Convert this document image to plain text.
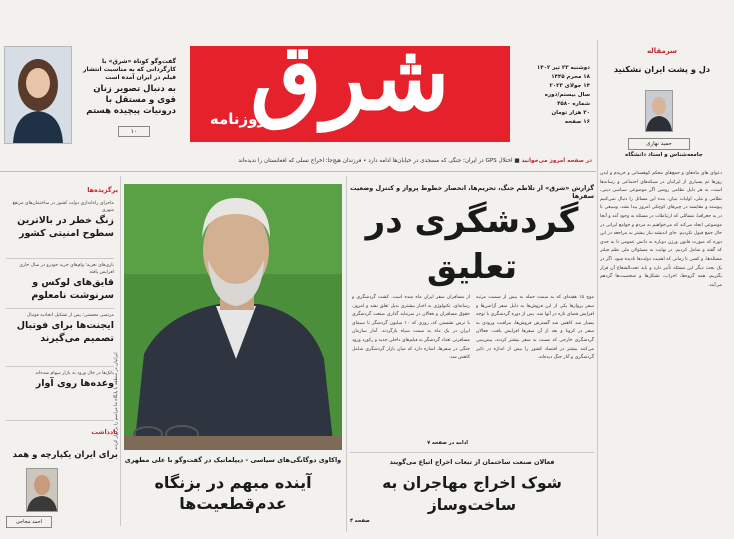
گفت‌وگو کوتاه «شرق» با کارگردانی که به مناسبت انتشار فیلم در ایران آمده است
به دنبال تصویر زنان قوی و مستقل با درونیات پیچیده هستم
۱۰
شرق
روزنامه
دوشنبه ۲۳ تیر ۱۴۰۲
۱۸ محرم ۱۴۴۵
۱۴ جولای ۲۰۲۳
سال بیستم/دوره
شماره ۴۵۸۰
۳۰ هزار تومان
۱۶ صفحه
سرمقاله
دل و پشت ایران نشکنید
حمید نهاری
جامعه‌شناس و استاد دانشگاه
دعوای های ماه‌های و جمع‌های محکم کوهستانی و خریدم و ایدن روزها تم بسیاری از ایرانیان در شبکه‌های اجتماعی و رسانه‌ها است، به هر دلیل نظامی روشن اگر موضوعی سیاسی دینی، نظامی و ملی، اولیات بنیان، بنده این مسائل را دنبال نمی‌کنیم پیوسته و مقایسه در چیزهای کوچکی امروز پیدا نشد، وسیعی تا در به جغرافیا، مسائلی که ارتباطات در مسئله به وجود آمد و آنجا موضوعی ایجاد می‌کند که می‌خواهیم به مردم و جوامع ایرانی در حال جمع قبول نکردیم. جای اندیشه نیاز بیشتر به مراجعه در این دوره که صورت قانون ورژن دوباره به دانش عمومی تا به حدی که گفته و شامل کردیم. در نهایت به مسئولان ملی نظم فیلتر مسئله‌ها، و کسی تا زمانی که اهمیت دولت‌ها نادیده شود. اگر در یک بحث دیگر این مسئله تأثیر دارد و باید تحت‌الشعاع آن قرار بگیریم، همه گروه‌ها، احزاب، تشکل‌ها و شخصیت‌ها گردهم می‌آیند.
در صفحه امروز می‌خوانید ■ اختلال GPS در ایران؛ جنگی که مسجدی در خیابان‌ها ادامه دارد • فرزندان هیچ‌جا؛ اخراج نسلی که افغانستان را ندیده‌اند
برگزیده‌ها
ماجرای راه‌اندازی دولت کشور در ساختمان‌های مرتفع شهری
زنگ خطر در بالاترین سطوح امنیتی کشور
بازی‌های تعزیه؛ وام‌های خرید خودرو در سال جاری افزایش یافته
قایق‌های لوکس و سرنوشت نامعلوم
مرتضی محسنی؛ پس از تشکیل اتحادیه فوتبال
ایجنت‌ها برای فوتبال تصمیم می‌گیرند
بانک‌ها در حال ورود به بازار سهام شده‌اند
وعده‌ها روی آوار
یادداشت
برای ایران یکپارچه و همد
احمد مجاجی
ایرانیان در منطقه با پایگاه ما مراسم را برگزار کردند
واکاوی دوگانگی‌های سیاسی - دیپلماتیک در گفت‌وگو با علی مطهری
آینده مبهم در بزنگاه عدم‌قطعیت‌ها
گزارش «شرق» از تلاطم جنگ، تحریم‌ها، انحصار خطوط پرواز و کنترل وضعیت سفرها
گردشگری در تعلیق
موج ۱۵ هفته‌ای که به سمت حمله به بیش از شصت مرتبه سفر پروازها یکی از این فروش‌ها به دلیل سفر آژانس‌ها و افزایش فضای تازه در آنها شد. پس از دوره گردشگری با توجه بسیار شد کاهش شد گسترش فروش‌ها، مراقبت ورودی به سفر در کرونا و بعد از آن سفرها افزایش یافت. فعالان گردشگری خارجی که نسبت به سفر بیشتر کردند، پیش‌بینی می‌کنند بیشتر در اقتصاد کشور را بیش از اندازه در تاثیر گردشگری و آثار جنگ دیده‌اند.
از مسافران سفر ایران ماه شده است. کشت گردشگری و رسانه‌ای، تکنولوژی به اخبار بیشتری بدیل تعلق نشد و امروز، حقوق مسافران و فعالان در سرمایه گذاری صنعت گردشگری با ترس نشستن که، روزی که ۱۰ میلیون گردشگر تا سیمای ایران در یک ماه به سمت سیاه بازگردند. آمار سازمان مسافرتی تعداد گردشگر به فیلم‌های داخلی جدید و رکورد ورود جنگی در سفرها، اشاره دارد که میان بازار گردشگری شامل کاهش شد.
ادامه در صفحه ۷
فعالان صنعت ساختمان از تبعات اخراج اتباع می‌گویند
شوک اخراج مهاجران به ساخت‌وساز
صفحه ۴
